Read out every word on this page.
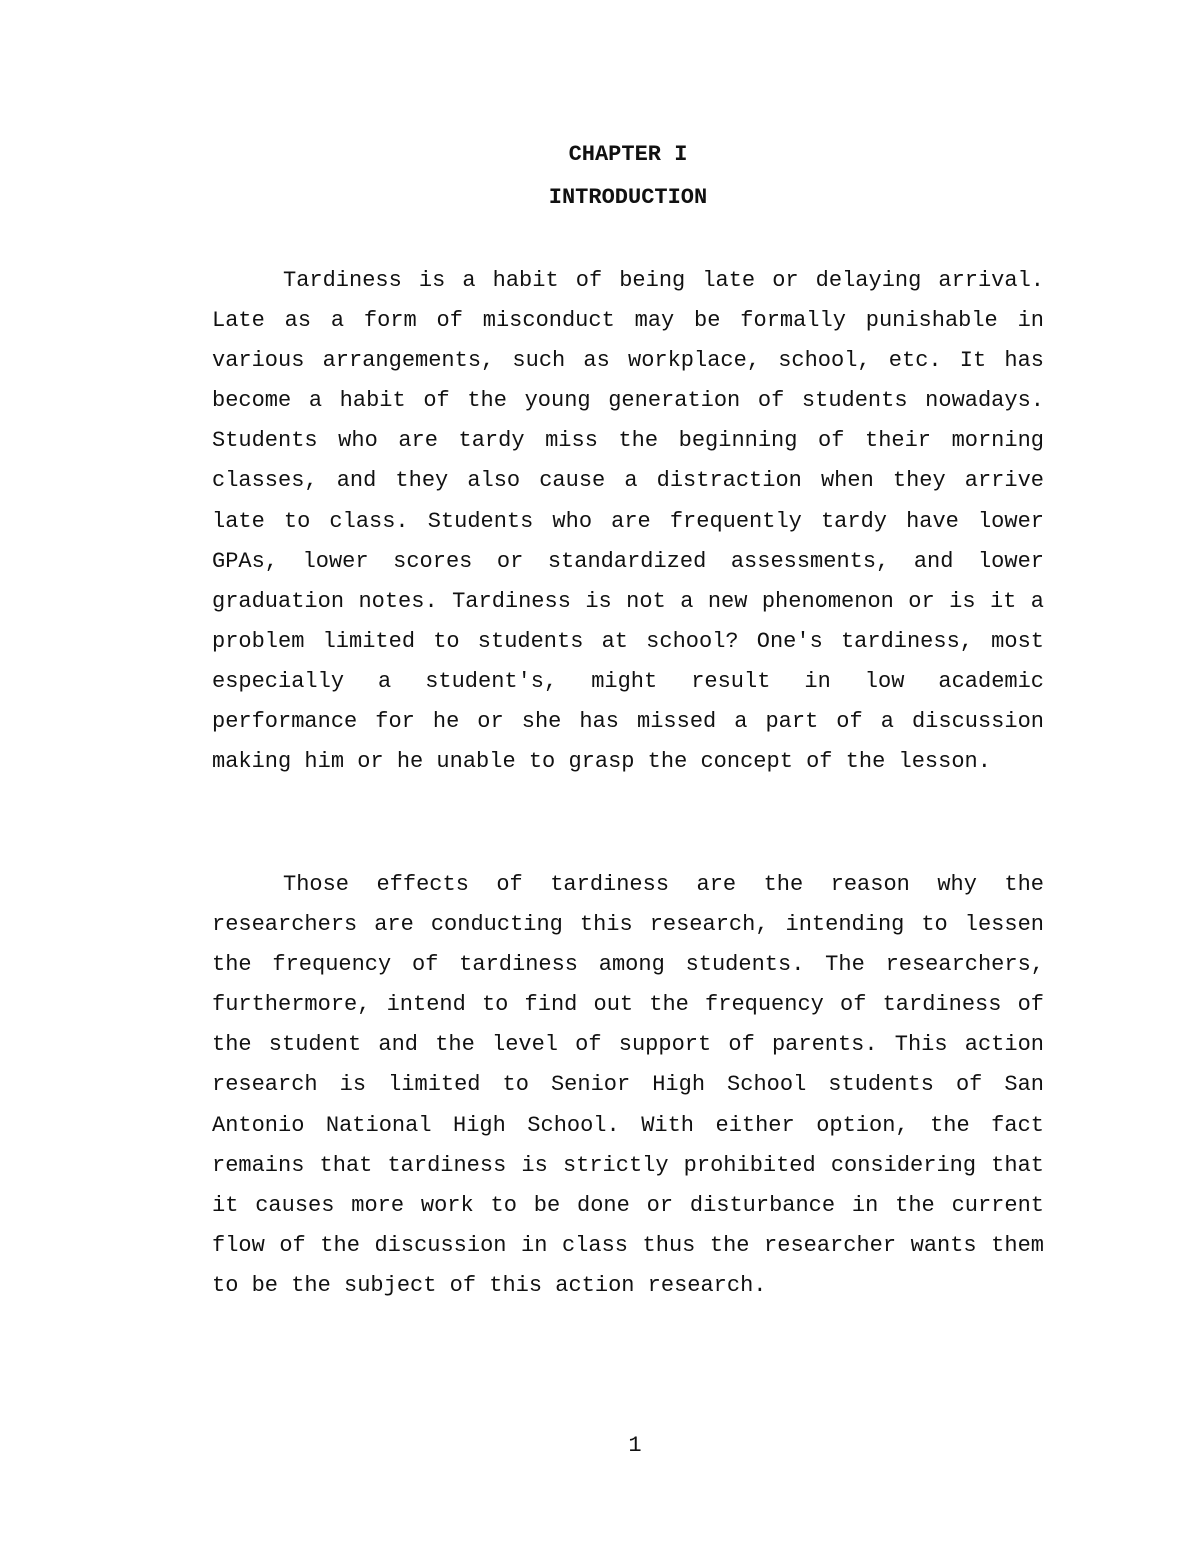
CHAPTER I
INTRODUCTION

Tardiness is a habit of being late or delaying arrival. Late as a form of misconduct may be formally punishable in various arrangements, such as workplace, school, etc. It has become a habit of the young generation of students nowadays. Students who are tardy miss the beginning of their morning classes, and they also cause a distraction when they arrive late to class. Students who are frequently tardy have lower GPAs, lower scores or standardized assessments, and lower graduation notes. Tardiness is not a new phenomenon or is it a problem limited to students at school? One's tardiness, most especially a student's, might result in low academic performance for he or she has missed a part of a discussion making him or he unable to grasp the concept of the lesson.

Those effects of tardiness are the reason why the researchers are conducting this research, intending to lessen the frequency of tardiness among students. The researchers, furthermore, intend to find out the frequency of tardiness of the student and the level of support of parents. This action research is limited to Senior High School students of San Antonio National High School. With either option, the fact remains that tardiness is strictly prohibited considering that it causes more work to be done or disturbance in the current flow of the discussion in class thus the researcher wants them to be the subject of this action research.

1
